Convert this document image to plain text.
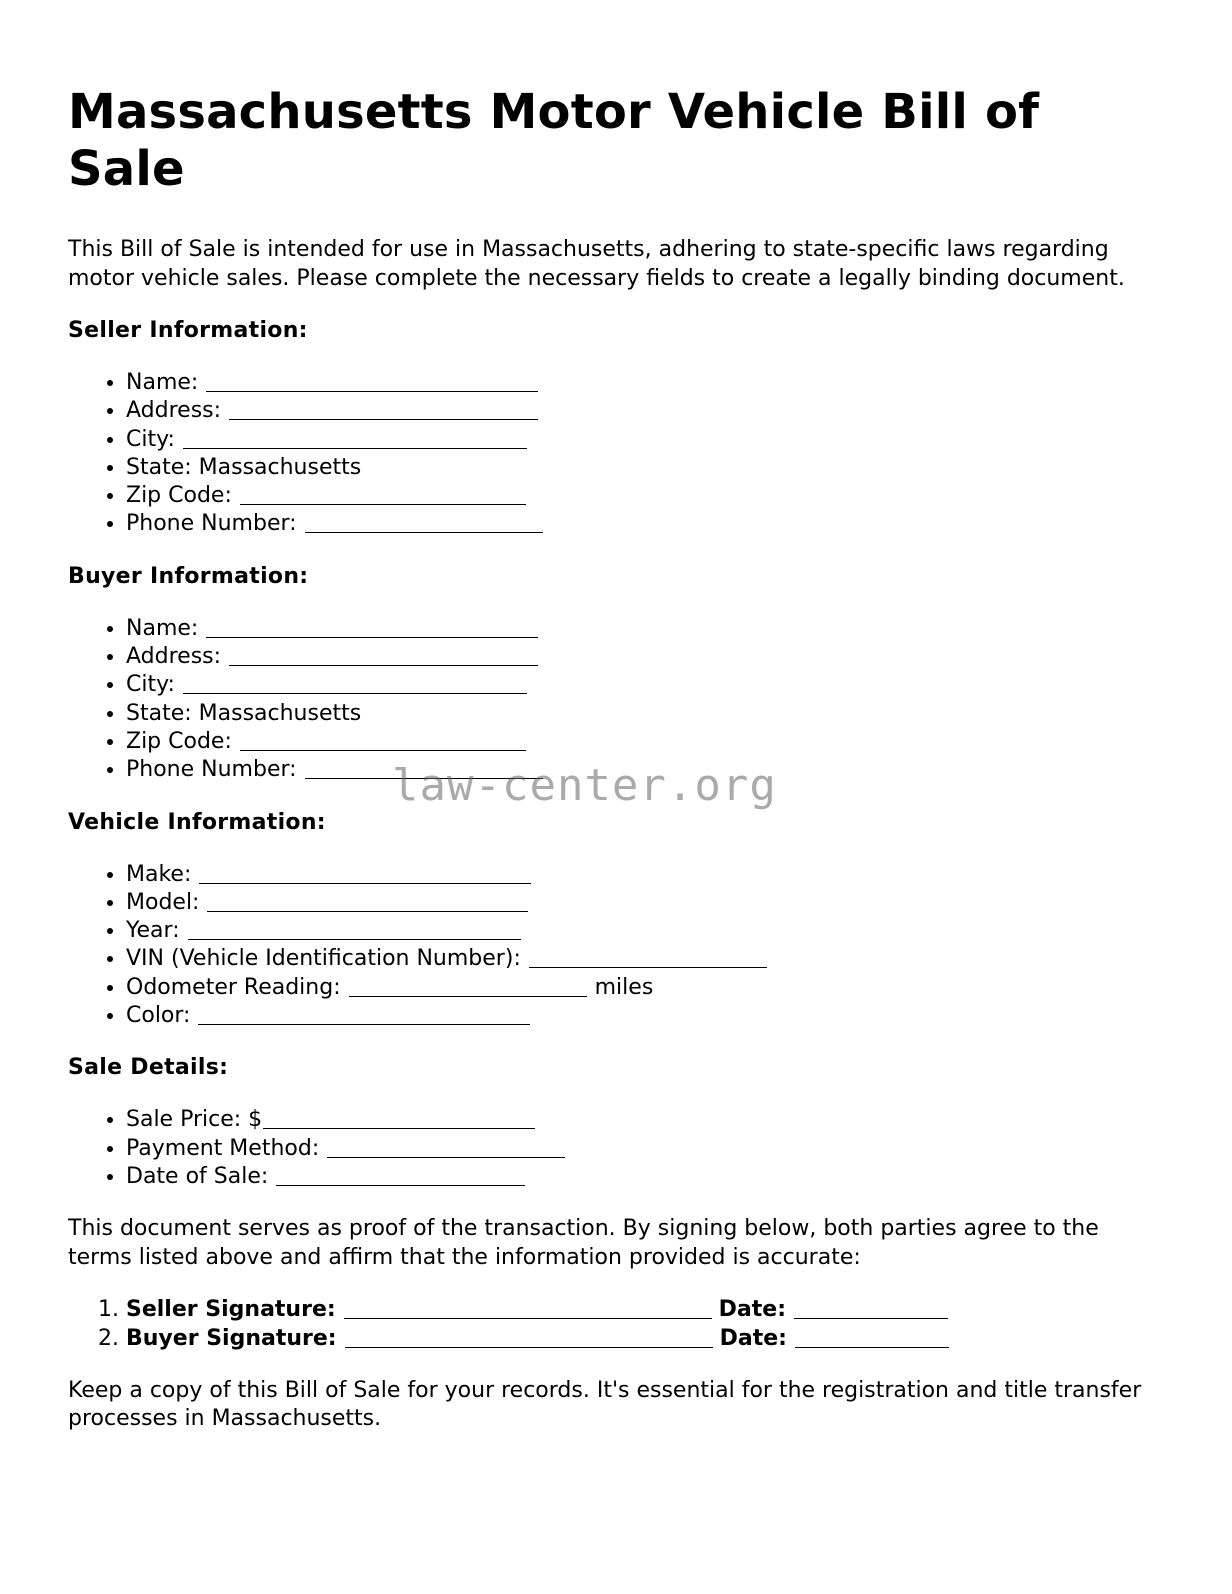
Massachusetts Motor Vehicle Bill of Sale

This Bill of Sale is intended for use in Massachusetts, adhering to state-specific laws regarding motor vehicle sales. Please complete the necessary fields to create a legally binding document.

Seller Information:
• Name:
• Address:
• City:
• State: Massachusetts
• Zip Code:
• Phone Number:
Buyer Information:
• Name:
• Address:
• City:
• State: Massachusetts
• Zip Code:
• Phone Number:
Vehicle Information:
• Make:
• Model:
• Year:
• VIN (Vehicle Identification Number):
• Odometer Reading:	miles
• Color:
Sale Details:
• Sale Price: $
• Payment Method:
• Date of Sale:

This document serves as proof of the transaction. By signing below, both parties agree to the terms listed above and affirm that the information provided is accurate:

1. Seller Signature:	Date:
2. Buyer Signature:	Date:

Keep a copy of this Bill of Sale for your records. It's essential for the registration and title transfer processes in Massachusetts.

law-center.org
